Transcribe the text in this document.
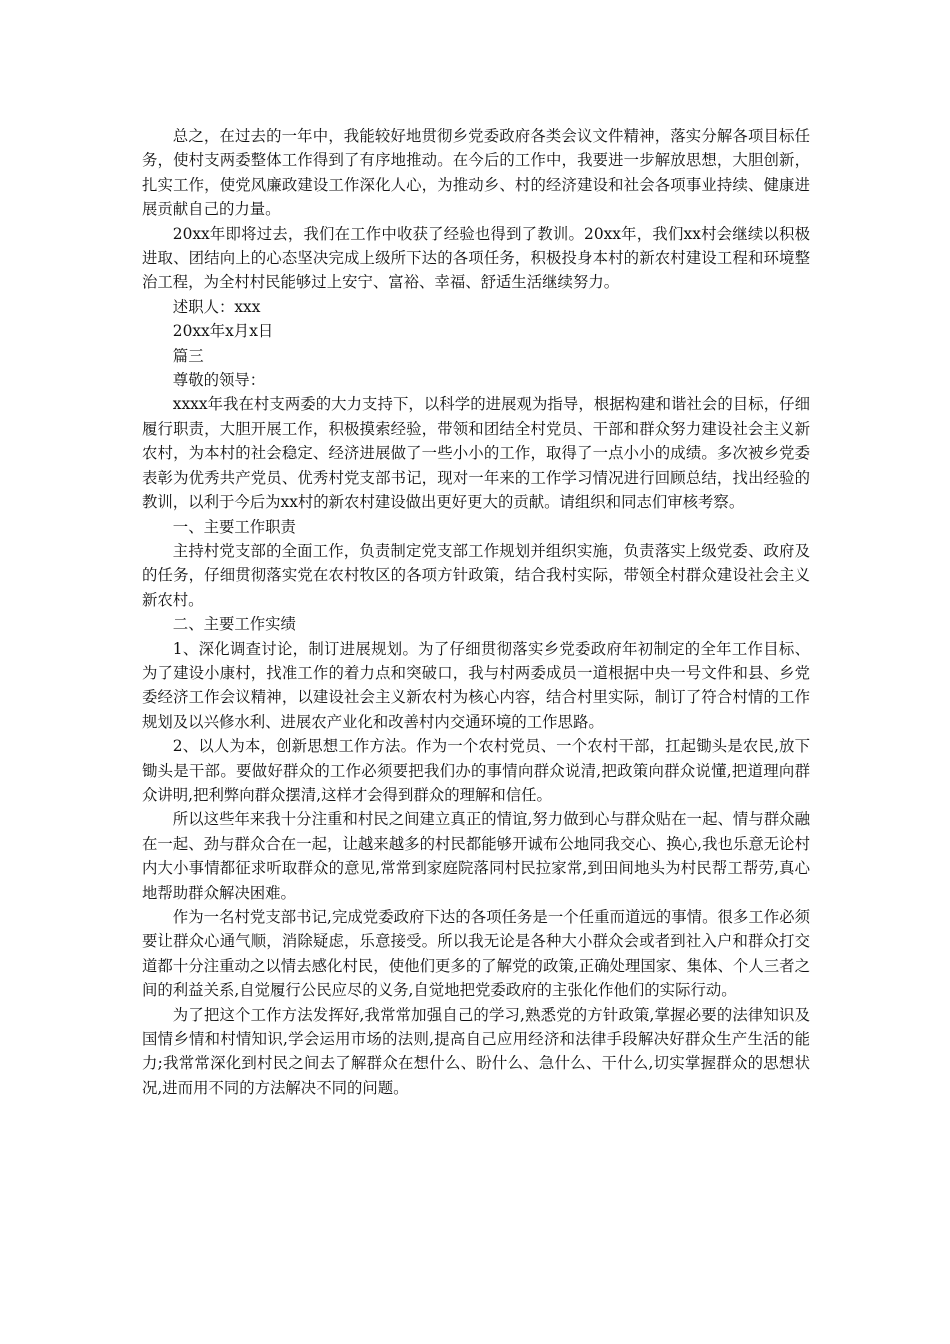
总之，在过去的一年中，我能较好地贯彻乡党委政府各类会议文件精神，落实分解各项目标任务，使村支两委整体工作得到了有序地推动。在今后的工作中，我要进一步解放思想，大胆创新，扎实工作，使党风廉政建设工作深化人心，为推动乡、村的经济建设和社会各项事业持续、健康进展贡献自己的力量。

20xx年即将过去，我们在工作中收获了经验也得到了教训。20xx年，我们xx村会继续以积极进取、团结向上的心态坚决完成上级所下达的各项任务，积极投身本村的新农村建设工程和环境整治工程，为全村村民能够过上安宁、富裕、幸福、舒适生活继续努力。

述职人：xxx

20xx年x月x日

篇三

尊敬的领导：

xxxx年我在村支两委的大力支持下，以科学的进展观为指导，根据构建和谐社会的目标，仔细履行职责，大胆开展工作，积极摸索经验，带领和团结全村党员、干部和群众努力建设社会主义新农村，为本村的社会稳定、经济进展做了一些小小的工作，取得了一点小小的成绩。多次被乡党委表彰为优秀共产党员、优秀村党支部书记，现对一年来的工作学习情况进行回顾总结，找出经验的教训，以利于今后为xx村的新农村建设做出更好更大的贡献。请组织和同志们审核考察。

一、主要工作职责

主持村党支部的全面工作，负责制定党支部工作规划并组织实施，负责落实上级党委、政府及的任务，仔细贯彻落实党在农村牧区的各项方针政策，结合我村实际，带领全村群众建设社会主义新农村。

二、主要工作实绩

1、深化调查讨论，制订进展规划。为了仔细贯彻落实乡党委政府年初制定的全年工作目标、为了建设小康村，找准工作的着力点和突破口，我与村两委成员一道根据中央一号文件和县、乡党委经济工作会议精神，以建设社会主义新农村为核心内容，结合村里实际，制订了符合村情的工作规划及以兴修水利、进展农产业化和改善村内交通环境的工作思路。

2、以人为本，创新思想工作方法。作为一个农村党员、一个农村干部，扛起锄头是农民,放下锄头是干部。要做好群众的工作必须要把我们办的事情向群众说清,把政策向群众说懂,把道理向群众讲明,把利弊向群众摆清,这样才会得到群众的理解和信任。

所以这些年来我十分注重和村民之间建立真正的情谊,努力做到心与群众贴在一起、情与群众融在一起、劲与群众合在一起，让越来越多的村民都能够开诚布公地同我交心、换心,我也乐意无论村内大小事情都征求听取群众的意见,常常到家庭院落同村民拉家常,到田间地头为村民帮工帮劳,真心地帮助群众解决困难。

作为一名村党支部书记,完成党委政府下达的各项任务是一个任重而道远的事情。很多工作必须要让群众心通气顺，消除疑虑，乐意接受。所以我无论是各种大小群众会或者到社入户和群众打交道都十分注重动之以情去感化村民，使他们更多的了解党的政策,正确处理国家、集体、个人三者之间的利益关系,自觉履行公民应尽的义务,自觉地把党委政府的主张化作他们的实际行动。

为了把这个工作方法发挥好,我常常加强自己的学习,熟悉党的方针政策,掌握必要的法律知识及国情乡情和村情知识,学会运用市场的法则,提高自己应用经济和法律手段解决好群众生产生活的能力;我常常深化到村民之间去了解群众在想什么、盼什么、急什么、干什么,切实掌握群众的思想状况,进而用不同的方法解决不同的问题。
